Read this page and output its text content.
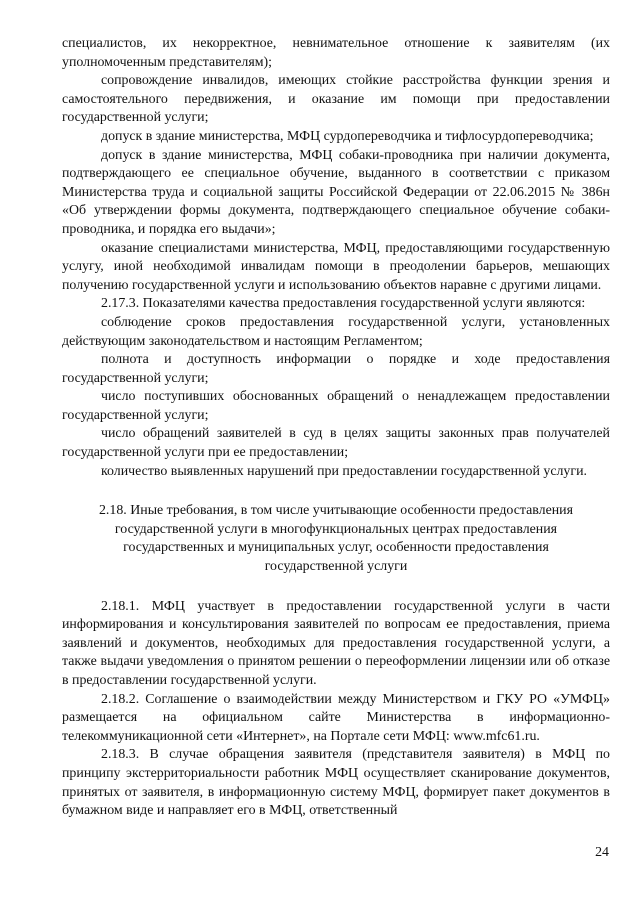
специалистов, их некорректное, невнимательное отношение к заявителям (их уполномоченным представителям);

сопровождение инвалидов, имеющих стойкие расстройства функции зрения и самостоятельного передвижения, и оказание им помощи при предоставлении государственной услуги;

допуск в здание министерства, МФЦ сурдопереводчика и тифлосурдопереводчика;

допуск в здание министерства, МФЦ собаки-проводника при наличии документа, подтверждающего ее специальное обучение, выданного в соответствии с приказом Министерства труда и социальной защиты Российской Федерации от 22.06.2015 № 386н «Об утверждении формы документа, подтверждающего специальное обучение собаки-проводника, и порядка его выдачи»;

оказание специалистами министерства, МФЦ, предоставляющими государственную услугу, иной необходимой инвалидам помощи в преодолении барьеров, мешающих получению государственной услуги и использованию объектов наравне с другими лицами.

2.17.3. Показателями качества предоставления государственной услуги являются:

соблюдение сроков предоставления государственной услуги, установленных действующим законодательством и настоящим Регламентом;

полнота и доступность информации о порядке и ходе предоставления государственной услуги;

число поступивших обоснованных обращений о ненадлежащем предоставлении государственной услуги;

число обращений заявителей в суд в целях защиты законных прав получателей государственной услуги при ее предоставлении;

количество выявленных нарушений при предоставлении государственной услуги.

2.18. Иные требования, в том числе учитывающие особенности предоставления государственной услуги в многофункциональных центрах предоставления государственных и муниципальных услуг, особенности предоставления государственной услуги

2.18.1. МФЦ участвует в предоставлении государственной услуги в части информирования и консультирования заявителей по вопросам ее предоставления, приема заявлений и документов, необходимых для предоставления государственной услуги, а также выдачи уведомления о принятом решении о переоформлении лицензии или об отказе в предоставлении государственной услуги.

2.18.2. Соглашение о взаимодействии между Министерством и ГКУ РО «УМФЦ» размещается на официальном сайте Министерства в информационно-телекоммуникационной сети «Интернет», на Портале сети МФЦ: www.mfc61.ru.

2.18.3. В случае обращения заявителя (представителя заявителя) в МФЦ по принципу экстерриториальности работник МФЦ осуществляет сканирование документов, принятых от заявителя, в информационную систему МФЦ, формирует пакет документов в бумажном виде и направляет его в МФЦ, ответственный

24
